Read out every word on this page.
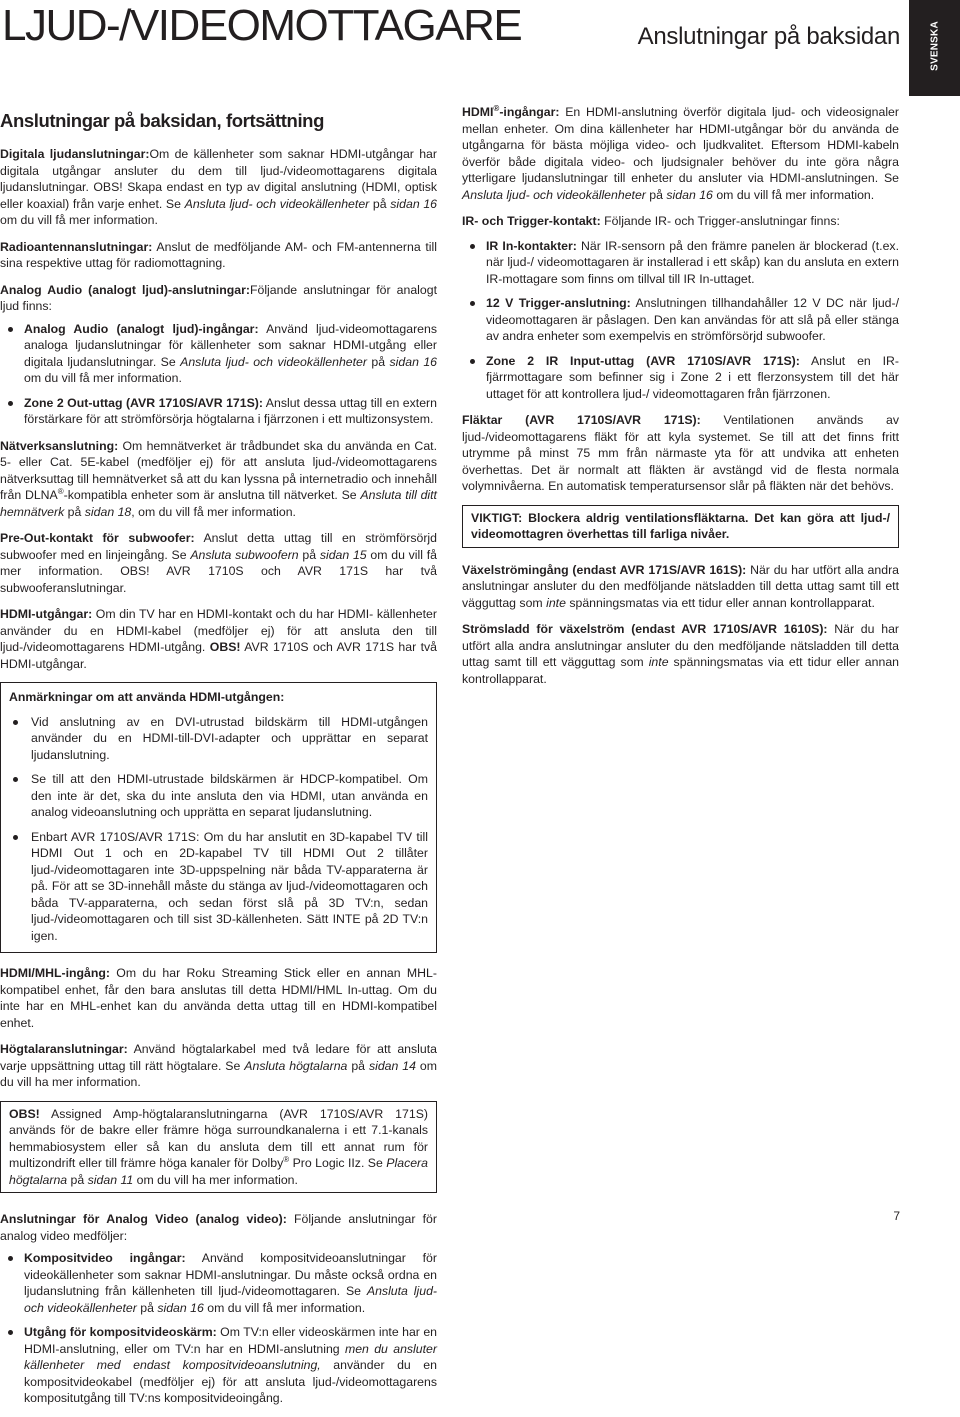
LJUD-/VIDEOMOTTAGARE	Anslutningar på baksidan	SVENSKA
Anslutningar på baksidan, fortsättning

Digitala ljudanslutningar:Om de källenheter som saknar HDMI-utgångar har digitala utgångar ansluter du dem till ljud-/videomottagarens digitala ljudanslutningar. OBS! Skapa endast en typ av digital anslutning (HDMI, optisk eller koaxial) från varje enhet. Se Ansluta ljud- och videokällenheter på sidan 16 om du vill få mer information.

Radioantennanslutningar: Anslut de medföljande AM- och FM-antennerna till sina respektive uttag för radiomottagning.

Analog Audio (analogt ljud)-anslutningar:Följande anslutningar för analogt ljud finns:

Analog Audio (analogt ljud)-ingångar: Använd ljud-videomottagarens analoga ljudanslutningar för källenheter som saknar HDMI-utgång eller digitala ljudanslutningar. Se Ansluta ljud- och videokällenheter på sidan 16 om du vill få mer information.
Zone 2 Out-uttag (AVR 1710S/AVR 171S): Anslut dessa uttag till en extern förstärkare för att strömförsörja högtalarna i fjärrzonen i ett multizonsystem.

Nätverksanslutning: Om hemnätverket är trådbundet ska du använda en Cat. 5- eller Cat. 5E-kabel (medföljer ej) för att ansluta ljud-/videomottagarens nätverksuttag till hemnätverket så att du kan lyssna på internetradio och innehåll från DLNA®-kompatibla enheter som är anslutna till nätverket. Se Ansluta till ditt hemnätverk på sidan 18, om du vill få mer information.

Pre-Out-kontakt för subwoofer: Anslut detta uttag till en strömförsörjd subwoofer med en linjeingång. Se Ansluta subwoofern på sidan 15 om du vill få mer information. OBS! AVR 1710S och AVR 171S har två subwooferanslutningar.

HDMI-utgångar: Om din TV har en HDMI-kontakt och du har HDMI- källenheter använder du en HDMI-kabel (medföljer ej) för att ansluta den till ljud-/videomottagarens HDMI-utgång. OBS! AVR 1710S och AVR 171S har två HDMI-utgångar.

Anmärkningar om att använda HDMI-utgången:

Vid anslutning av en DVI-utrustad bildskärm till HDMI-utgången använder du en HDMI-till-DVI-adapter och upprättar en separat ljudanslutning.
Se till att den HDMI-utrustade bildskärmen är HDCP-kompatibel. Om den inte är det, ska du inte ansluta den via HDMI, utan använda en analog videoanslutning och upprätta en separat ljudanslutning.
Enbart AVR 1710S/AVR 171S: Om du har anslutit en 3D-kapabel TV till HDMI Out 1 och en 2D-kapabel TV till HDMI Out 2 tillåter ljud-/videomottagaren inte 3D-uppspelning när båda TV-apparaterna är på. För att se 3D-innehåll måste du stänga av ljud-/videomottagaren och båda TV-apparaterna, och sedan först slå på 3D TV:n, sedan ljud-/videomottagaren och till sist 3D-källenheten. Sätt INTE på 2D TV:n igen.

HDMI/MHL-ingång: Om du har Roku Streaming Stick eller en annan MHL-kompatibel enhet, får den bara anslutas till detta HDMI/HML In-uttag. Om du inte har en MHL-enhet kan du använda detta uttag till en HDMI-kompatibel enhet.

Högtalaranslutningar: Använd högtalarkabel med två ledare för att ansluta varje uppsättning uttag till rätt högtalare. Se Ansluta högtalarna på sidan 14 om du vill ha mer information.

OBS! Assigned Amp-högtalaranslutningarna (AVR 1710S/AVR 171S) används för de bakre eller främre höga surroundkanalerna i ett 7.1-kanals hemmabiosystem eller så kan du ansluta dem till ett annat rum för multizondrift eller till främre höga kanaler för Dolby® Pro Logic IIz. Se Placera högtalarna på sidan 11 om du vill ha mer information.

Anslutningar för Analog Video (analog video): Följande anslutningar för analog video medföljer:

Kompositvideo ingångar: Använd kompositvideoanslutningar för videokällenheter som saknar HDMI-anslutningar. Du måste också ordna en ljudanslutning från källenheten till ljud-/videomottagaren. Se Ansluta ljud- och videokällenheter på sidan 16 om du vill få mer information.
Utgång för kompositvideoskärm: Om TV:n eller videoskärmen inte har en HDMI-anslutning, eller om TV:n har en HDMI-anslutning men du ansluter källenheter med endast kompositvideoanslutning, använder du en kompositvideokabel (medföljer ej) för att ansluta ljud-/videomottagarens kompositutgång till TV:ns kompositvideoingång.

HDMI®-ingångar: En HDMI-anslutning överför digitala ljud- och videosignaler mellan enheter. Om dina källenheter har HDMI-utgångar bör du använda de utgångarna för bästa möjliga video- och ljudkvalitet. Eftersom HDMI-kabeln överför både digitala video- och ljudsignaler behöver du inte göra några ytterligare ljudanslutningar till enheter du ansluter via HDMI-anslutningen. Se Ansluta ljud- och videokällenheter på sidan 16 om du vill få mer information.

IR- och Trigger-kontakt: Följande IR- och Trigger-anslutningar finns:

IR In-kontakter: När IR-sensorn på den främre panelen är blockerad (t.ex. när ljud-/ videomottagaren är installerad i ett skåp) kan du ansluta en extern IR-mottagare som finns om tillval till IR In-uttaget.
12 V Trigger-anslutning: Anslutningen tillhandahåller 12 V DC när ljud-/ videomottagaren är påslagen. Den kan användas för att slå på eller stänga av andra enheter som exempelvis en strömförsörjd subwoofer.
Zone 2 IR Input-uttag (AVR 1710S/AVR 171S): Anslut en IR-fjärrmottagare som befinner sig i Zone 2 i ett flerzonsystem till det här uttaget för att kontrollera ljud-/ videomottagaren från fjärrzonen.

Fläktar (AVR 1710S/AVR 171S): Ventilationen används av ljud-/videomottagarens fläkt för att kyla systemet. Se till att det finns fritt utrymme på minst 75 mm från närmaste yta för att undvika att enheten överhettas. Det är normalt att fläkten är avstängd vid de flesta normala volymnivåerna. En automatisk temperatursensor slår på fläkten när det behövs.

VIKTIGT: Blockera aldrig ventilationsfläktarna. Det kan göra att ljud-/ videomottagren överhettas till farliga nivåer.

Växelströmingång (endast AVR 171S/AVR 161S): När du har utfört alla andra anslutningar ansluter du den medföljande nätsladden till detta uttag samt till ett vägguttag som inte spänningsmatas via ett tidur eller annan kontrollapparat.

Strömsladd för växelström (endast AVR 1710S/AVR 1610S): När du har utfört alla andra anslutningar ansluter du den medföljande nätsladden till detta uttag samt till ett vägguttag som inte spänningsmatas via ett tidur eller annan kontrollapparat.

7
